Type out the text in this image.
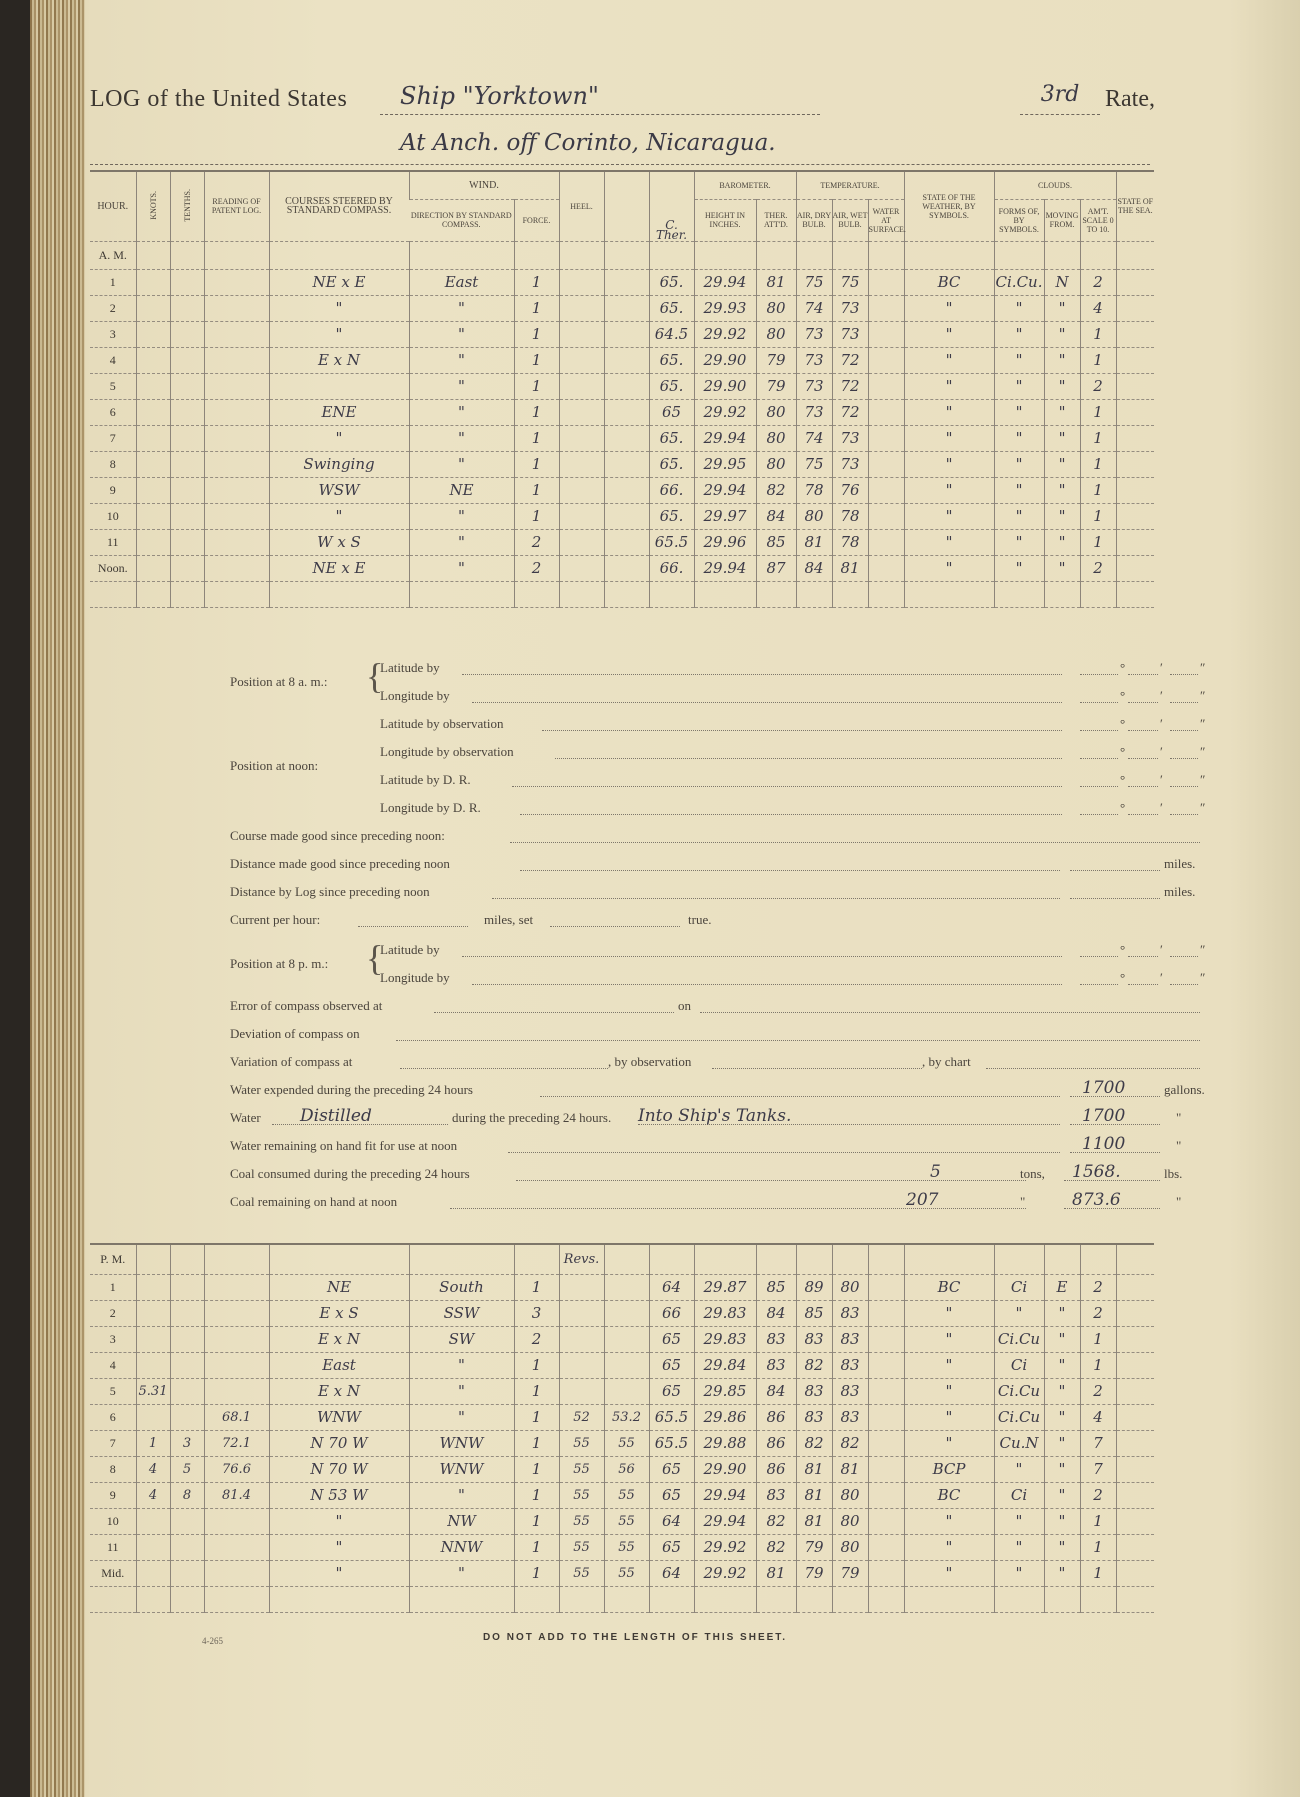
LOG of the United States	Ship "Yorktown"	3rd	Rate,
At Anch. off Corinto, Nicaragua.
HOUR.	KNOTS.	TENTHS.	READING OF PATENT LOG.	COURSES STEERED BY STANDARD COMPASS.	WIND.		HEEL.		C. Ther.	BAROMETER.		TEMPERATURE.			STATE OF THE WEATHER, BY SYMBOLS.	CLOUDS.			STATE OF THE SEA.
					DIRECTION BY STANDARD COMPASS.	FORCE.				HEIGHT IN INCHES.	THER. ATT'D.	AIR, DRY BULB.	AIR, WET BULB.	WATER AT SURFACE.		FORMS OF, BY SYMBOLS.	MOVING FROM.	AM'T. SCALE 0 TO 10.	
A. M.																			
1				NE x E	East	1			65.	29.94	81	75	75		BC	Ci.Cu.	N	2	
2				"	"	1			65.	29.93	80	74	73		"	"	"	4	
3				"	"	1			64.5	29.92	80	73	73		"	"	"	1	
4				E x N	"	1			65.	29.90	79	73	72		"	"	"	1	
5					"	1			65.	29.90	79	73	72		"	"	"	2	
6				ENE	"	1			65	29.92	80	73	72		"	"	"	1	
7				"	"	1			65.	29.94	80	74	73		"	"	"	1	
8				Swinging	"	1			65.	29.95	80	75	73		"	"	"	1	
9				WSW	NE	1			66.	29.94	82	78	76		"	"	"	1	
10				"	"	1			65.	29.97	84	80	78		"	"	"	1	
11				W x S	"	2			65.5	29.96	85	81	78		"	"	"	1	
Noon.				NE x E	"	2			66.	29.94	87	84	81		"	"	"	2	

Position at 8 a. m.: {
Latitude by	°	′	″
Longitude by	°	′	″
Latitude by observation	°	′	″
Position at noon:
Longitude by observation	°	′	″
Latitude by D. R.	°	′	″
Longitude by D. R.	°	′	″
Course made good since preceding noon:
Distance made good since preceding noon	miles.
Distance by Log since preceding noon	miles.
Current per hour:	miles, set	true.
Position at 8 p. m.: {
Latitude by	°	′	″
Longitude by	°	′	″
Error of compass observed at	on
Deviation of compass on
Variation of compass at	, by observation	, by chart
Water expended during the preceding 24 hours	1700	gallons.
Water Distilled	during the preceding 24 hours. Into Ship's Tanks.	1700	"
Water remaining on hand fit for use at noon	1100	"
Coal consumed during the preceding 24 hours	5	tons, 1568.	lbs.
Coal remaining on hand at noon	207	"	873.6	"
P. M.							Revs.												
1				NE	South	1			64	29.87	85	89	80		BC	Ci	E	2	
2				E x S	SSW	3			66	29.83	84	85	83		"	"	"	2	
3				E x N	SW	2			65	29.83	83	83	83		"	Ci.Cu	"	1	
4				East	"	1			65	29.84	83	82	83		"	Ci	"	1	
5	5.31			E x N	"	1			65	29.85	84	83	83		"	Ci.Cu	"	2	
6			68.1	WNW	"	1	52	53.2	65.5	29.86	86	83	83		"	Ci.Cu	"	4	
7	1	3	72.1	N 70 W	WNW	1	55	55	65.5	29.88	86	82	82		"	Cu.N	"	7	
8	4	5	76.6	N 70 W	WNW	1	55	56	65	29.90	86	81	81		BCP	"	"	7	
9	4	8	81.4	N 53 W	"	1	55	55	65	29.94	83	81	80		BC	Ci	"	2	
10				"	NW	1	55	55	64	29.94	82	81	80		"	"	"	1	
11				"	NNW	1	55	55	65	29.92	82	79	80		"	"	"	1	
Mid.				"	"	1	55	55	64	29.92	81	79	79		"	"	"	1	

4-265	DO NOT ADD TO THE LENGTH OF THIS SHEET.
